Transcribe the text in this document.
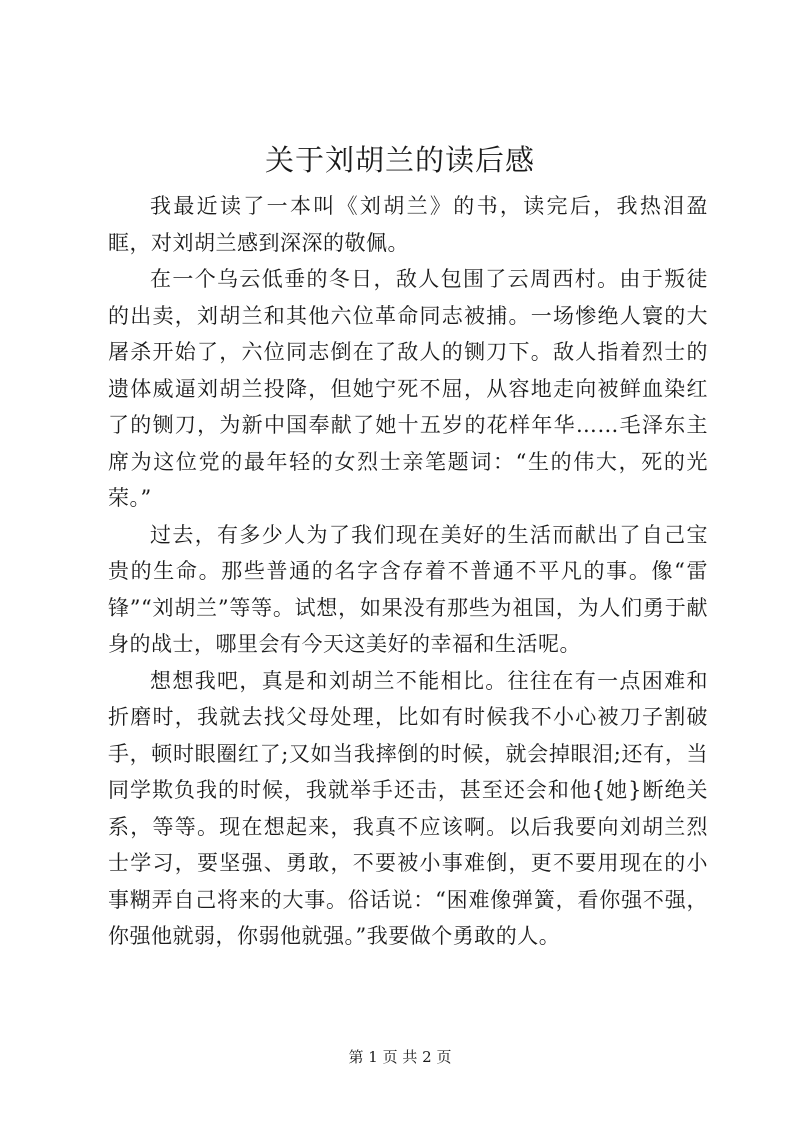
关于刘胡兰的读后感

我最近读了一本叫《刘胡兰》的书，读完后，我热泪盈眶，对刘胡兰感到深深的敬佩。

在一个乌云低垂的冬日，敌人包围了云周西村。由于叛徒的出卖，刘胡兰和其他六位革命同志被捕。一场惨绝人寰的大屠杀开始了，六位同志倒在了敌人的铡刀下。敌人指着烈士的遗体威逼刘胡兰投降，但她宁死不屈，从容地走向被鲜血染红了的铡刀，为新中国奉献了她十五岁的花样年华……毛泽东主席为这位党的最年轻的女烈士亲笔题词：“生的伟大，死的光荣。”

过去，有多少人为了我们现在美好的生活而献出了自己宝贵的生命。那些普通的名字含存着不普通不平凡的事。像“雷锋”“刘胡兰”等等。试想，如果没有那些为祖国，为人们勇于献身的战士，哪里会有今天这美好的幸福和生活呢。

想想我吧，真是和刘胡兰不能相比。往往在有一点困难和折磨时，我就去找父母处理，比如有时候我不小心被刀子割破手，顿时眼圈红了;又如当我摔倒的时候，就会掉眼泪;还有，当同学欺负我的时候，我就举手还击，甚至还会和他{她}断绝关系，等等。现在想起来，我真不应该啊。以后我要向刘胡兰烈士学习，要坚强、勇敢，不要被小事难倒，更不要用现在的小事糊弄自己将来的大事。俗话说：“困难像弹簧，看你强不强，你强他就弱，你弱他就强。”我要做个勇敢的人。

第 1 页 共 2 页
